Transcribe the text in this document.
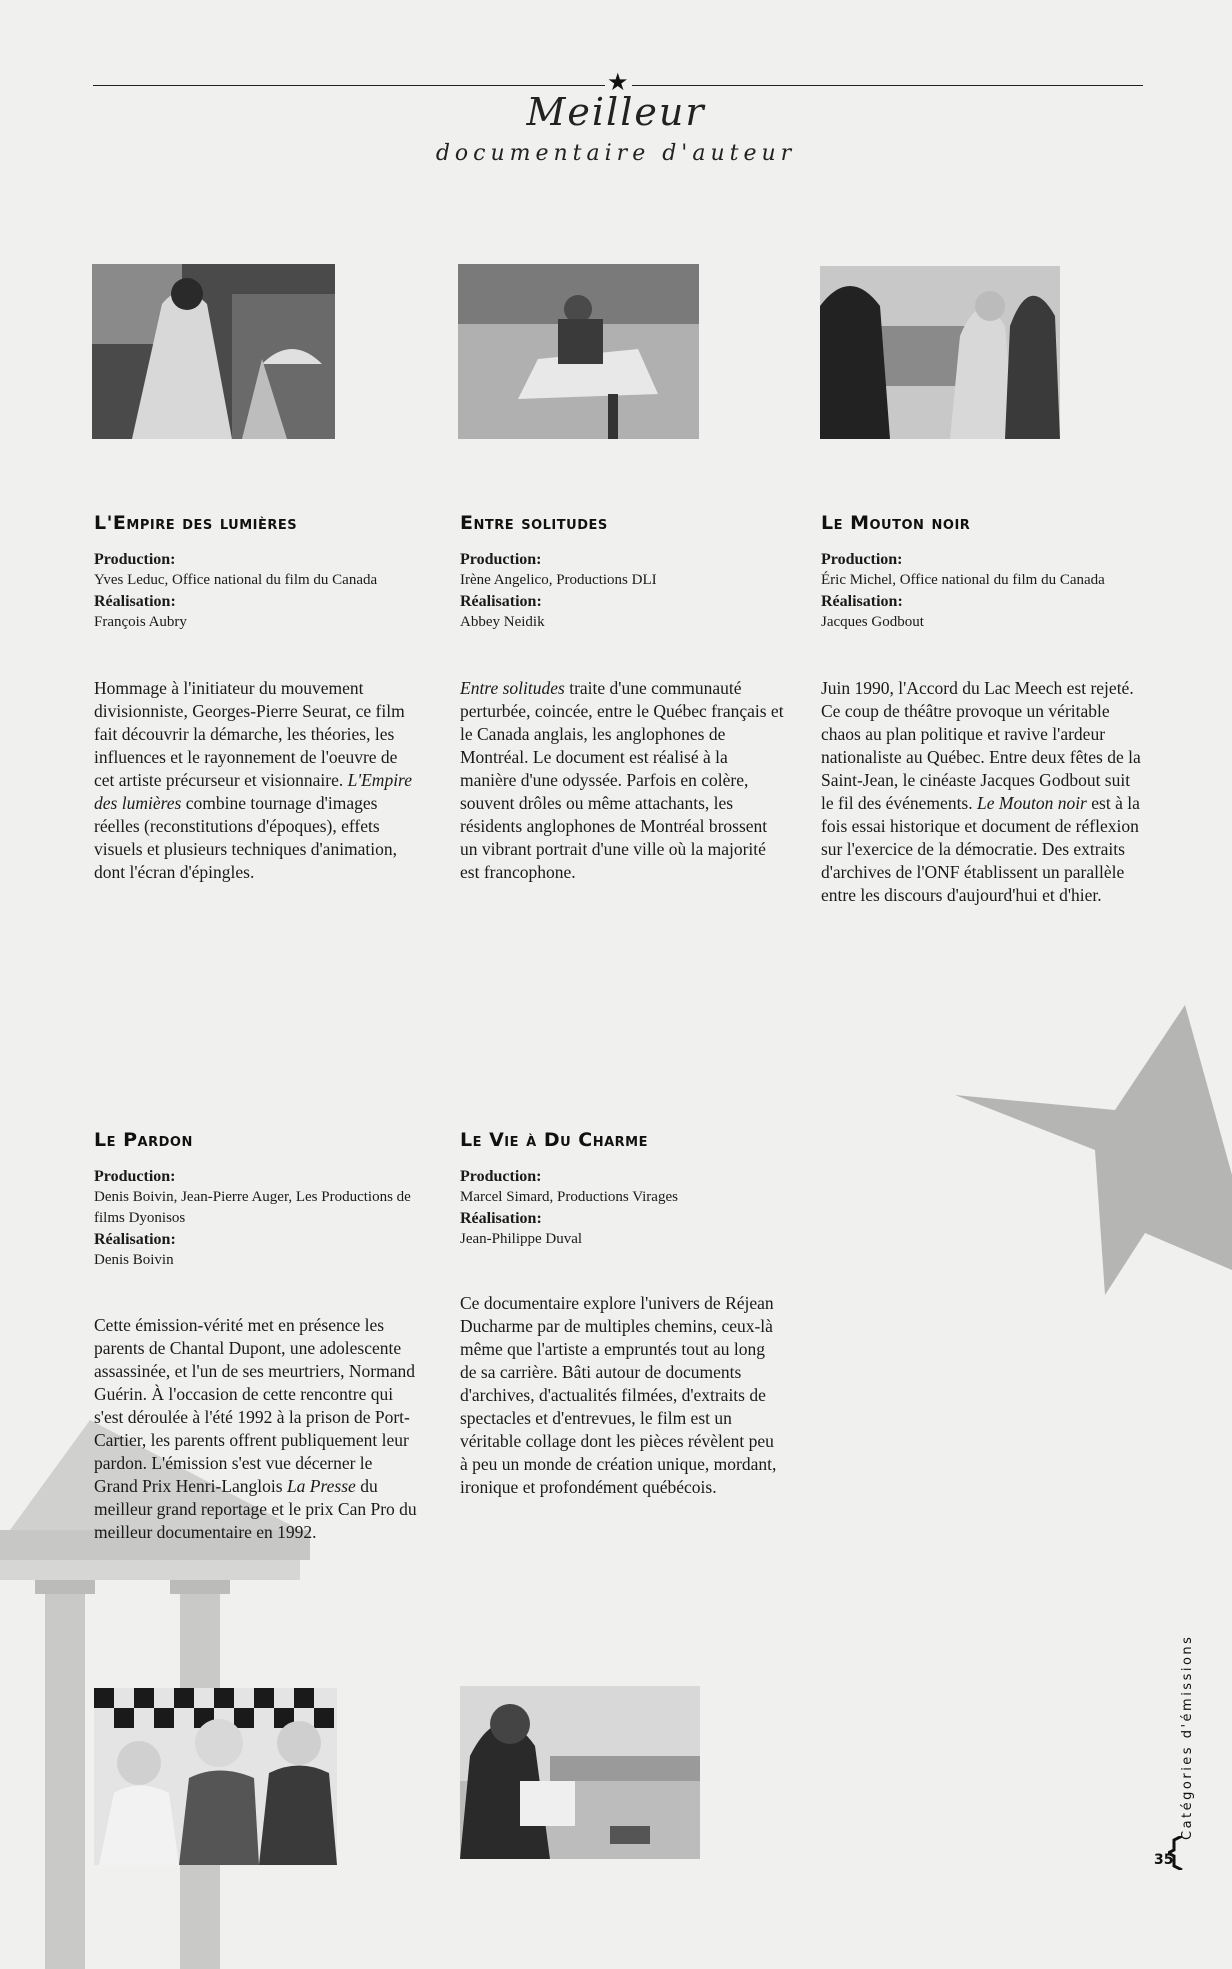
★
Meilleur
documentaire d'auteur
L'Empire des lumières
Production:
Yves Leduc, Office national du film du Canada
Réalisation:
François Aubry

Hommage à l'initiateur du mouvement divisionniste, Georges-Pierre Seurat, ce film fait découvrir la démarche, les théories, les influences et le rayonnement de l'oeuvre de cet artiste précurseur et visionnaire. L'Empire des lumières combine tournage d'images réelles (reconstitutions d'époques), effets visuels et plusieurs techniques d'animation, dont l'écran d'épingles.

Entre solitudes
Production:
Irène Angelico, Productions DLI
Réalisation:
Abbey Neidik

Entre solitudes traite d'une communauté perturbée, coincée, entre le Québec français et le Canada anglais, les anglophones de Montréal. Le document est réalisé à la manière d'une odyssée. Parfois en colère, souvent drôles ou même attachants, les résidents anglophones de Montréal brossent un vibrant portrait d'une ville où la majorité est francophone.

Le Mouton noir
Production:
Éric Michel, Office national du film du Canada
Réalisation:
Jacques Godbout

Juin 1990, l'Accord du Lac Meech est rejeté. Ce coup de théâtre provoque un véritable chaos au plan politique et ravive l'ardeur nationaliste au Québec. Entre deux fêtes de la Saint-Jean, le cinéaste Jacques Godbout suit le fil des événements. Le Mouton noir est à la fois essai historique et document de réflexion sur l'exercice de la démocratie. Des extraits d'archives de l'ONF établissent un parallèle entre les discours d'aujourd'hui et d'hier.

Le Pardon
Production:
Denis Boivin, Jean-Pierre Auger, Les Productions de films Dyonisos
Réalisation:
Denis Boivin

Cette émission-vérité met en présence les parents de Chantal Dupont, une adolescente assassinée, et l'un de ses meurtriers, Normand Guérin. À l'occasion de cette rencontre qui s'est déroulée à l'été 1992 à la prison de Port-Cartier, les parents offrent publiquement leur pardon. L'émission s'est vue décerner le Grand Prix Henri-Langlois La Presse du meilleur grand reportage et le prix Can Pro du meilleur documentaire en 1992.

Le Vie à Du Charme
Production:
Marcel Simard, Productions Virages
Réalisation:
Jean-Philippe Duval

Ce documentaire explore l'univers de Réjean Ducharme par de multiples chemins, ceux-là même que l'artiste a empruntés tout au long de sa carrière. Bâti autour de documents d'archives, d'actualités filmées, d'extraits de spectacles et d'entrevues, le film est un véritable collage dont les pièces révèlent peu à peu un monde de création unique, mordant, ironique et profondément québécois.

Catégories d'émissions
35
